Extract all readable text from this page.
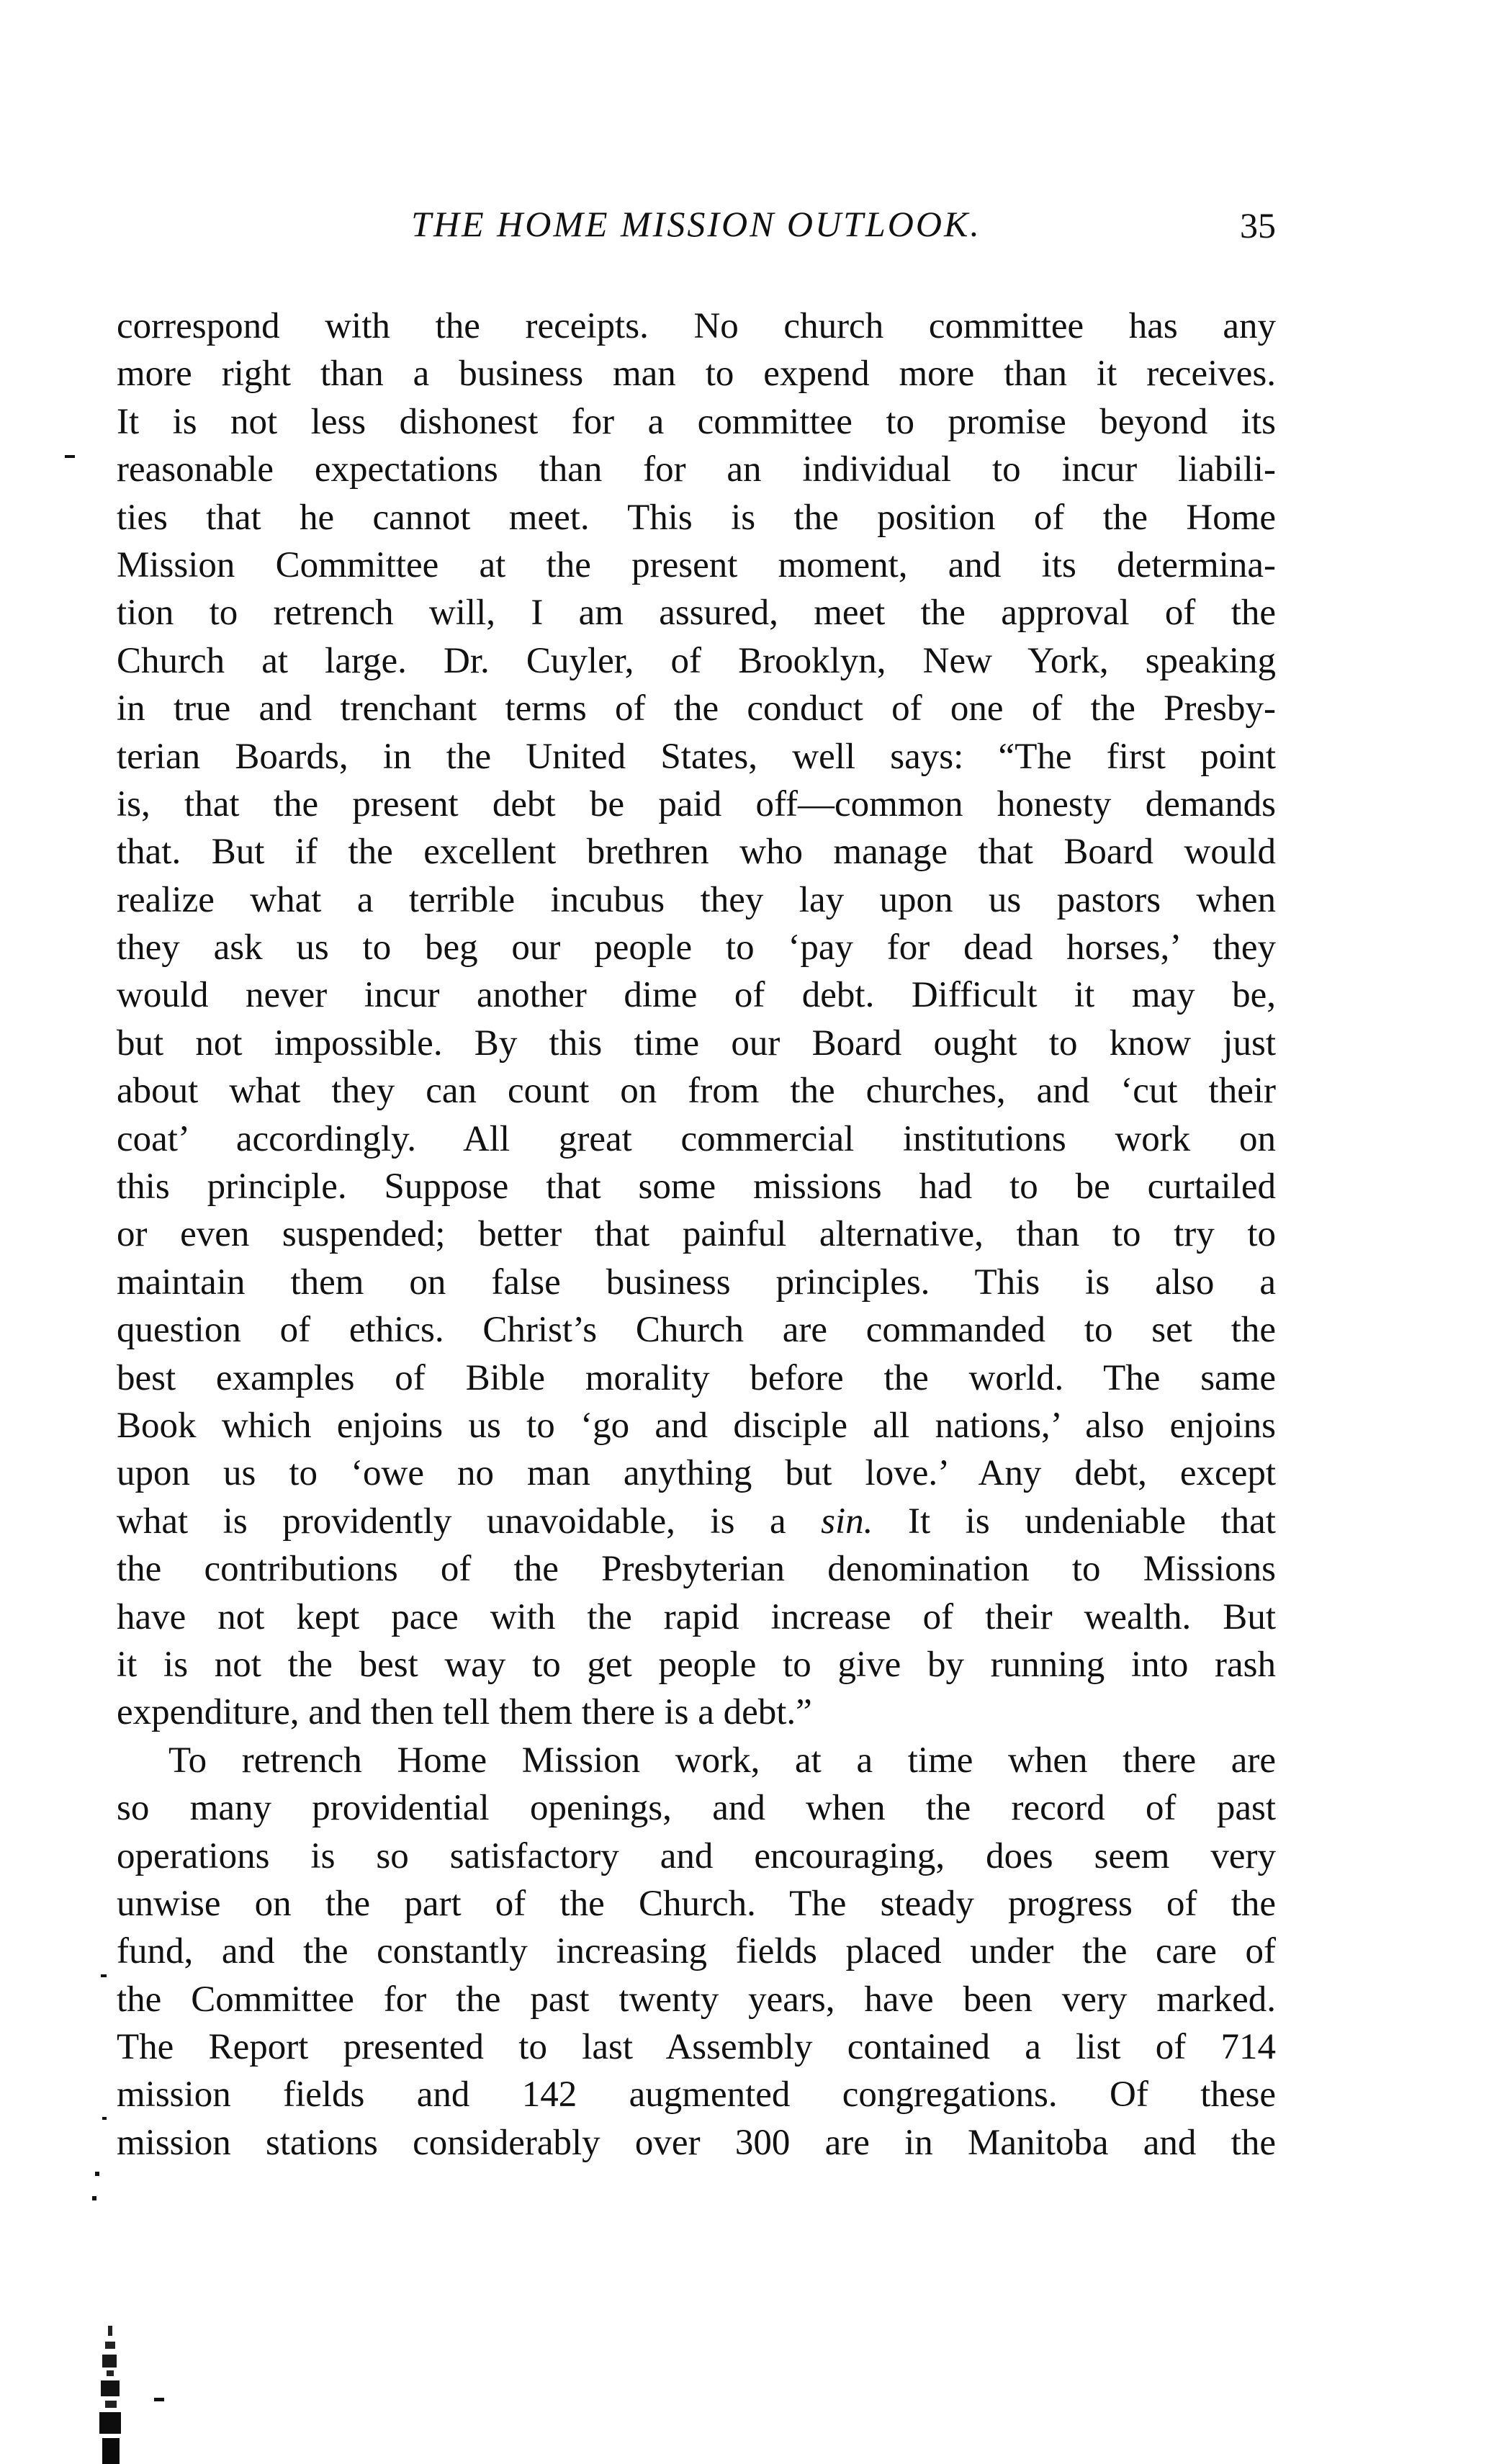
THE HOME MISSION OUTLOOK.	35
correspond with the receipts. No church committee has any
more right than a business man to expend more than it receives.
It is not less dishonest for a committee to promise beyond its
reasonable expectations than for an individual to incur liabili-
ties that he cannot meet. This is the position of the Home
Mission Committee at the present moment, and its determina-
tion to retrench will, I am assured, meet the approval of the
Church at large. Dr. Cuyler, of Brooklyn, New York, speaking
in true and trenchant terms of the conduct of one of the Presby-
terian Boards, in the United States, well says: “The first point
is, that the present debt be paid off—common honesty demands
that. But if the excellent brethren who manage that Board would
realize what a terrible incubus they lay upon us pastors when
they ask us to beg our people to ‘pay for dead horses,’ they
would never incur another dime of debt. Difficult it may be,
but not impossible. By this time our Board ought to know just
about what they can count on from the churches, and ‘cut their
coat’ accordingly. All great commercial institutions work on
this principle. Suppose that some missions had to be curtailed
or even suspended; better that painful alternative, than to try to
maintain them on false business principles. This is also a
question of ethics. Christ’s Church are commanded to set the
best examples of Bible morality before the world. The same
Book which enjoins us to ‘go and disciple all nations,’ also enjoins
upon us to ‘owe no man anything but love.’ Any debt, except
what is providently unavoidable, is a sin. It is undeniable that
the contributions of the Presbyterian denomination to Missions
have not kept pace with the rapid increase of their wealth. But
it is not the best way to get people to give by running into rash
expenditure, and then tell them there is a debt.”
To retrench Home Mission work, at a time when there are
so many providential openings, and when the record of past
operations is so satisfactory and encouraging, does seem very
unwise on the part of the Church. The steady progress of the
fund, and the constantly increasing fields placed under the care of
the Committee for the past twenty years, have been very marked.
The Report presented to last Assembly contained a list of 714
mission fields and 142 augmented congregations. Of these
mission stations considerably over 300 are in Manitoba and the
